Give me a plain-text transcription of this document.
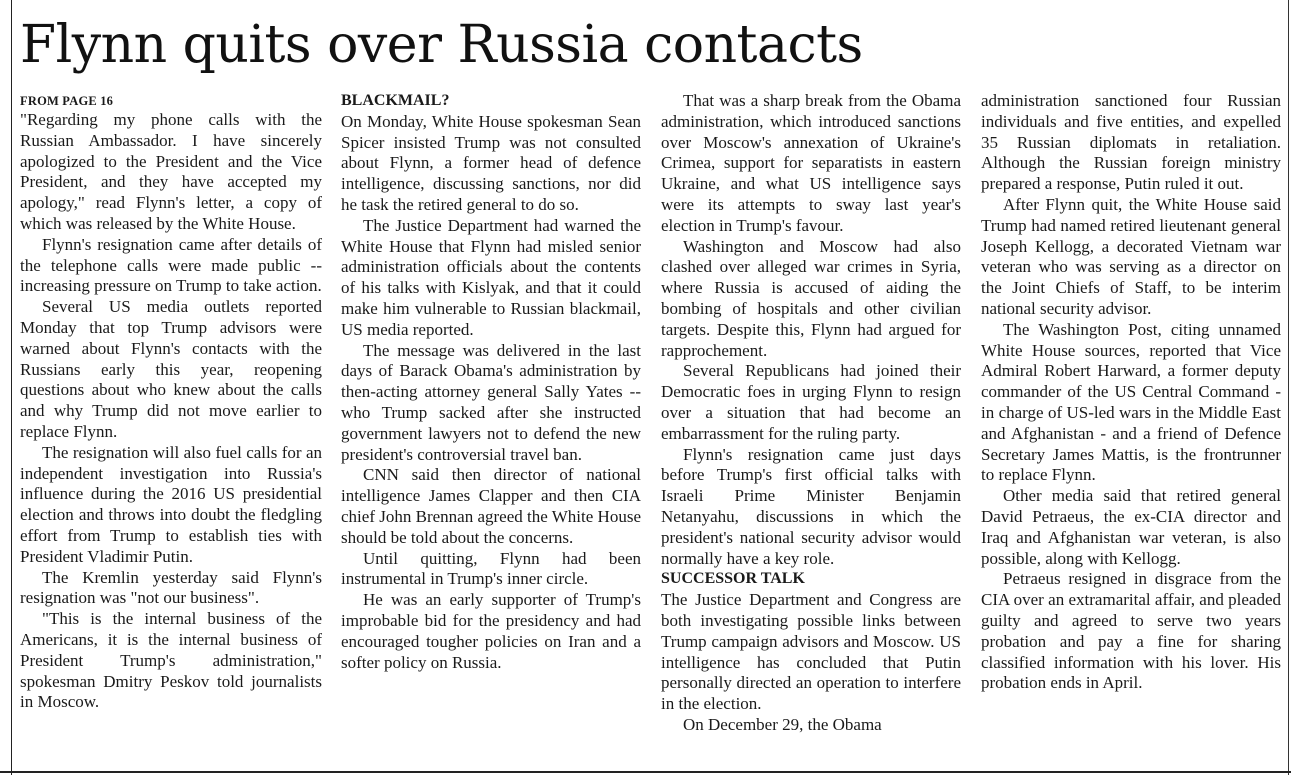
Flynn quits over Russia contacts
FROM PAGE 16

"Regarding my phone calls with the Russian Ambassador. I have sincerely apologized to the President and the Vice President, and they have accepted my apology," read Flynn's letter, a copy of which was released by the White House.

Flynn's resignation came after details of the telephone calls were made public -- increasing pressure on Trump to take action.

Several US media outlets reported Monday that top Trump advisors were warned about Flynn's contacts with the Russians early this year, reopening questions about who knew about the calls and why Trump did not move earlier to replace Flynn.

The resignation will also fuel calls for an independent investigation into Russia's influence during the 2016 US presidential election and throws into doubt the fledgling effort from Trump to establish ties with President Vladimir Putin.

The Kremlin yesterday said Flynn's resignation was "not our business".

"This is the internal business of the Americans, it is the internal business of President Trump's administration," spokesman Dmitry Peskov told journalists in Moscow.

BLACKMAIL?

On Monday, White House spokesman Sean Spicer insisted Trump was not consulted about Flynn, a former head of defence intelligence, discussing sanctions, nor did he task the retired general to do so.

The Justice Department had warned the White House that Flynn had misled senior administration officials about the contents of his talks with Kislyak, and that it could make him vulnerable to Russian blackmail, US media reported.

The message was delivered in the last days of Barack Obama's administration by then-acting attorney general Sally Yates -- who Trump sacked after she instructed government lawyers not to defend the new president's controversial travel ban.

CNN said then director of national intelligence James Clapper and then CIA chief John Brennan agreed the White House should be told about the concerns.

Until quitting, Flynn had been instrumental in Trump's inner circle.

He was an early supporter of Trump's improbable bid for the presidency and had encouraged tougher policies on Iran and a softer policy on Russia.

That was a sharp break from the Obama administration, which introduced sanctions over Moscow's annexation of Ukraine's Crimea, support for separatists in eastern Ukraine, and what US intelligence says were its attempts to sway last year's election in Trump's favour.

Washington and Moscow had also clashed over alleged war crimes in Syria, where Russia is accused of aiding the bombing of hospitals and other civilian targets. Despite this, Flynn had argued for rapprochement.

Several Republicans had joined their Democratic foes in urging Flynn to resign over a situation that had become an embarrassment for the ruling party.

Flynn's resignation came just days before Trump's first official talks with Israeli Prime Minister Benjamin Netanyahu, discussions in which the president's national security advisor would normally have a key role.

SUCCESSOR TALK

The Justice Department and Congress are both investigating possible links between Trump campaign advisors and Moscow. US intelligence has concluded that Putin personally directed an operation to interfere in the election.

On December 29, the Obama

administration sanctioned four Russian individuals and five entities, and expelled 35 Russian diplomats in retaliation. Although the Russian foreign ministry prepared a response, Putin ruled it out.

After Flynn quit, the White House said Trump had named retired lieutenant general Joseph Kellogg, a decorated Vietnam war veteran who was serving as a director on the Joint Chiefs of Staff, to be interim national security advisor.

The Washington Post, citing unnamed White House sources, reported that Vice Admiral Robert Harward, a former deputy commander of the US Central Command - in charge of US-led wars in the Middle East and Afghanistan - and a friend of Defence Secretary James Mattis, is the frontrunner to replace Flynn.

Other media said that retired general David Petraeus, the ex-CIA director and Iraq and Afghanistan war veteran, is also possible, along with Kellogg.

Petraeus resigned in disgrace from the CIA over an extramarital affair, and pleaded guilty and agreed to serve two years probation and pay a fine for sharing classified information with his lover. His probation ends in April.
